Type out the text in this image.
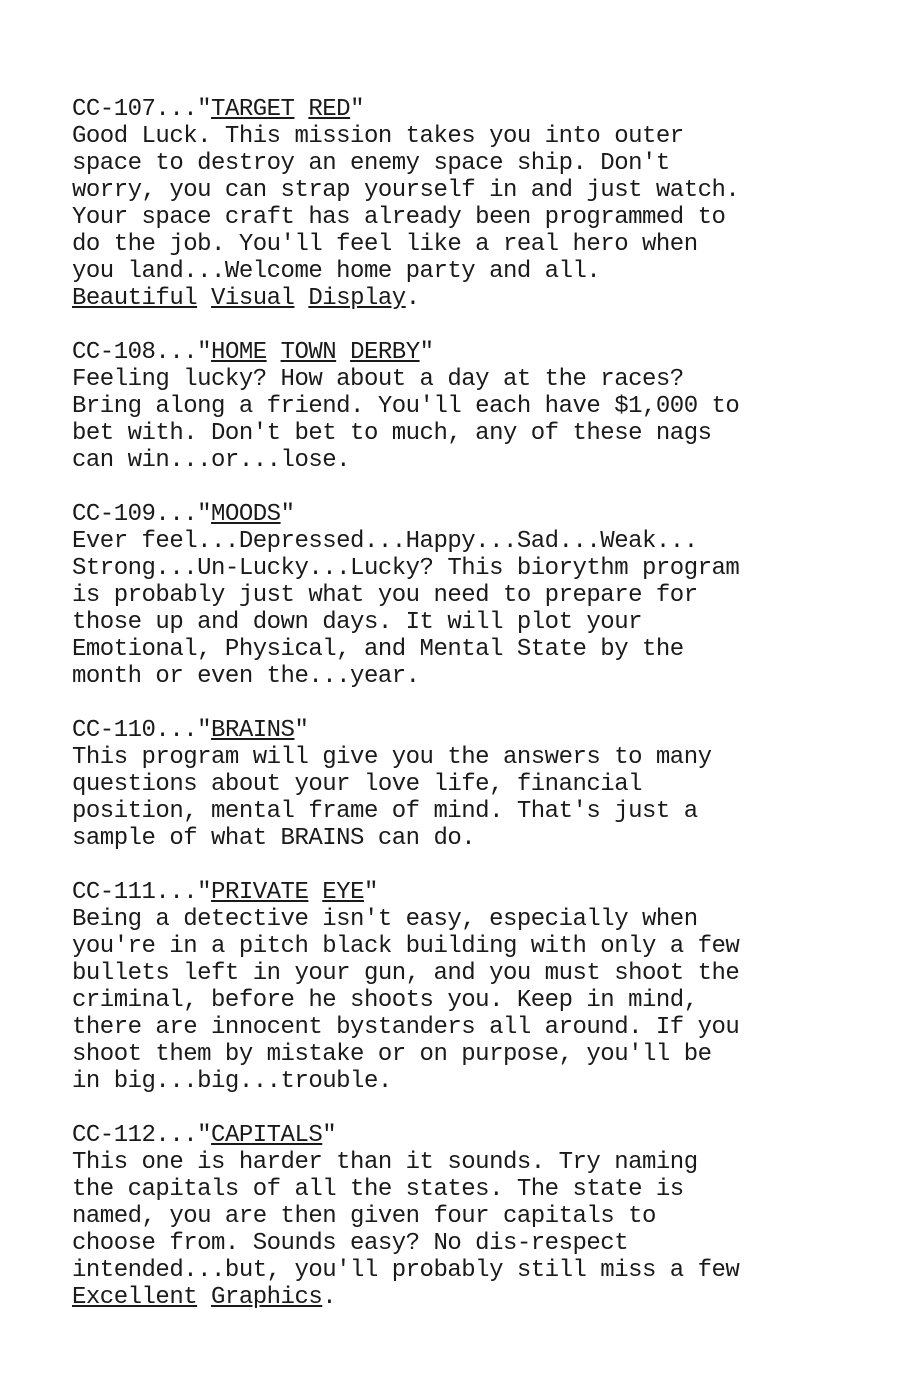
CC-107..."TARGET RED"
Good Luck. This mission takes you into outer
space to destroy an enemy space ship. Don't
worry, you can strap yourself in and just watch.
Your space craft has already been programmed to
do the job. You'll feel like a real hero when
you land...Welcome home party and all.
Beautiful Visual Display.
CC-108..."HOME TOWN DERBY"
Feeling lucky? How about a day at the races?
Bring along a friend. You'll each have $1,000 to
bet with. Don't bet to much, any of these nags
can win...or...lose.
CC-109..."MOODS"
Ever feel...Depressed...Happy...Sad...Weak...
Strong...Un-Lucky...Lucky? This biorythm program
is probably just what you need to prepare for
those up and down days. It will plot your
Emotional, Physical, and Mental State by the
month or even the...year.
CC-110..."BRAINS"
This program will give you the answers to many
questions about your love life, financial
position, mental frame of mind. That's just a
sample of what BRAINS can do.
CC-111..."PRIVATE EYE"
Being a detective isn't easy, especially when
you're in a pitch black building with only a few
bullets left in your gun, and you must shoot the
criminal, before he shoots you. Keep in mind,
there are innocent bystanders all around. If you
shoot them by mistake or on purpose, you'll be
in big...big...trouble.
CC-112..."CAPITALS"
This one is harder than it sounds. Try naming
the capitals of all the states. The state is
named, you are then given four capitals to
choose from. Sounds easy? No dis-respect
intended...but, you'll probably still miss a few
Excellent Graphics.
